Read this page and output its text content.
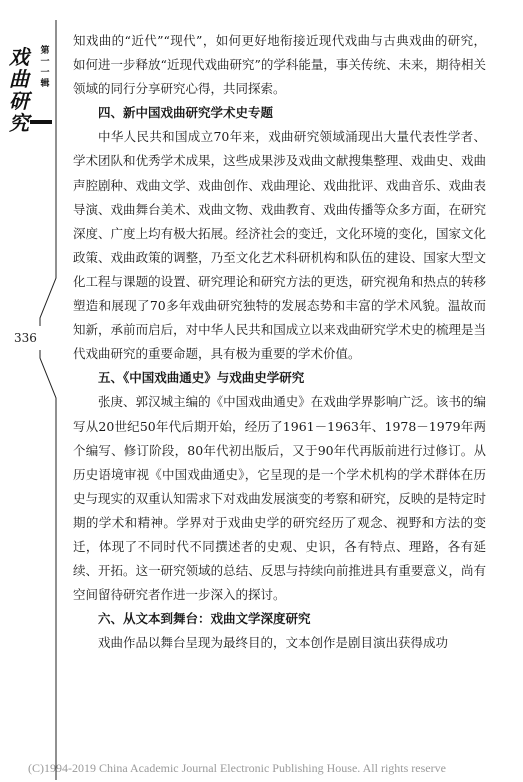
戏
曲
研
究
第
一
一
辑
336

知戏曲的“近代”“现代”，如何更好地衔接近现代戏曲与古典戏曲的研究，如何进一步释放“近现代戏曲研究”的学科能量，事关传统、未来，期待相关领域的同行分享研究心得，共同探索。

四、新中国戏曲研究学术史专题

中华人民共和国成立70年来，戏曲研究领域涌现出大量代表性学者、学术团队和优秀学术成果，这些成果涉及戏曲文献搜集整理、戏曲史、戏曲声腔剧种、戏曲文学、戏曲创作、戏曲理论、戏曲批评、戏曲音乐、戏曲表导演、戏曲舞台美术、戏曲文物、戏曲教育、戏曲传播等众多方面，在研究深度、广度上均有极大拓展。经济社会的变迁，文化环境的变化，国家文化政策、戏曲政策的调整，乃至文化艺术科研机构和队伍的建设、国家大型文化工程与课题的设置、研究理论和研究方法的更迭，研究视角和热点的转移塑造和展现了70多年戏曲研究独特的发展态势和丰富的学术风貌。温故而知新，承前而启后，对中华人民共和国成立以来戏曲研究学术史的梳理是当代戏曲研究的重要命题，具有极为重要的学术价值。

五、《中国戏曲通史》与戏曲史学研究

张庚、郭汉城主编的《中国戏曲通史》在戏曲学界影响广泛。该书的编写从20世纪50年代后期开始，经历了1961－1963年、1978－1979年两个编写、修订阶段，80年代初出版后，又于90年代再版前进行过修订。从历史语境审视《中国戏曲通史》，它呈现的是一个学术机构的学术群体在历史与现实的双重认知需求下对戏曲发展演变的考察和研究，反映的是特定时期的学术和精神。学界对于戏曲史学的研究经历了观念、视野和方法的变迁，体现了不同时代不同撰述者的史观、史识，各有特点、理路，各有延续、开拓。这一研究领域的总结、反思与持续向前推进具有重要意义，尚有空间留待研究者作进一步深入的探讨。

六、从文本到舞台：戏曲文学深度研究

戏曲作品以舞台呈现为最终目的，文本创作是剧目演出获得成功

(C)1994-2019 China Academic Journal Electronic Publishing House. All rights reserve
